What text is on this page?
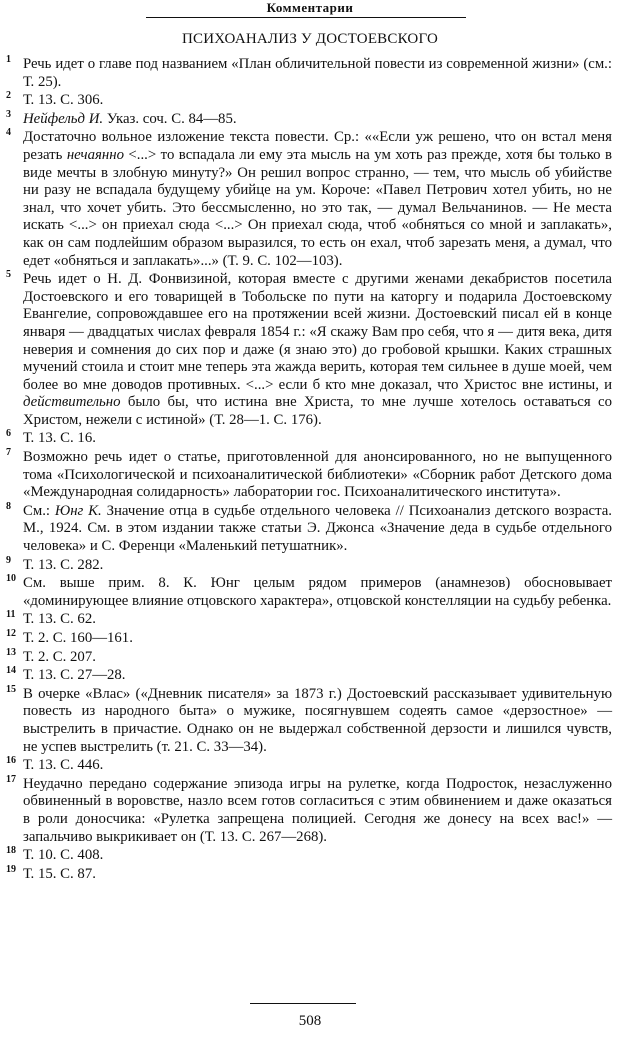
Комментарии
ПСИХОАНАЛИЗ У ДОСТОЕВСКОГО
1 Речь идет о главе под названием «План обличительной повести из современной жизни» (см.: Т. 25).
2 Т. 13. С. 306.
3 Нейфельд И. Указ. соч. С. 84—85.
4 Достаточно вольное изложение текста повести. Ср.: ««Если уж решено, что он встал меня резать нечаянно <...> то вспадала ли ему эта мысль на ум хоть раз прежде, хотя бы только в виде мечты в злобную минуту?» Он решил вопрос странно, — тем, что мысль об убийстве ни разу не вспадала будущему убийце на ум. Короче: «Павел Петрович хотел убить, но не знал, что хочет убить. Это бессмысленно, но это так, — думал Вельчанинов. — Не места искать <...> он приехал сюда <...> Он приехал сюда, чтоб «обняться со мной и заплакать», как он сам подлейшим образом выразился, то есть он ехал, чтоб зарезать меня, а думал, что едет «обняться и заплакать»...» (Т. 9. С. 102—103).
5 Речь идет о Н. Д. Фонвизиной, которая вместе с другими женами декабристов посетила Достоевского и его товарищей в Тобольске по пути на каторгу и подарила Достоевскому Евангелие, сопровождавшее его на протяжении всей жизни. Достоевский писал ей в конце января — двадцатых числах февраля 1854 г.: «Я скажу Вам про себя, что я — дитя века, дитя неверия и сомнения до сих пор и даже (я знаю это) до гробовой крышки. Каких страшных мучений стоила и стоит мне теперь эта жажда верить, которая тем сильнее в душе моей, чем более во мне доводов противных. <...> если б кто мне доказал, что Христос вне истины, и действительно было бы, что истина вне Христа, то мне лучше хотелось оставаться со Христом, нежели с истиной» (Т. 28—1. С. 176).
6 Т. 13. С. 16.
7 Возможно речь идет о статье, приготовленной для анонсированного, но не выпущенного тома «Психологической и психоаналитической библиотеки» «Сборник работ Детского дома «Международная солидарность» лаборатории гос. Психоаналитического института».
8 См.: Юнг К. Значение отца в судьбе отдельного человека // Психоанализ детского возраста. М., 1924. См. в этом издании также статьи Э. Джонса «Значение деда в судьбе отдельного человека» и С. Ференци «Маленький петушатник».
9 Т. 13. С. 282.
10 См. выше прим. 8. К. Юнг целым рядом примеров (анамнезов) обосновывает «доминирующее влияние отцовского характера», отцовской констелляции на судьбу ребенка.
11 Т. 13. С. 62.
12 Т. 2. С. 160—161.
13 Т. 2. С. 207.
14 Т. 13. С. 27—28.
15 В очерке «Влас» («Дневник писателя» за 1873 г.) Достоевский рассказывает удивительную повесть из народного быта» о мужике, посягнувшем содеять самое «дерзостное» — выстрелить в причастие. Однако он не выдержал собственной дерзости и лишился чувств, не успев выстрелить (т. 21. С. 33—34).
16 Т. 13. С. 446.
17 Неудачно передано содержание эпизода игры на рулетке, когда Подросток, незаслуженно обвиненный в воровстве, назло всем готов согласиться с этим обвинением и даже оказаться в роли доносчика: «Рулетка запрещена полицией. Сегодня же донесу на всех вас!» — запальчиво выкрикивает он (Т. 13. С. 267—268).
18 Т. 10. С. 408.
19 Т. 15. С. 87.
508
